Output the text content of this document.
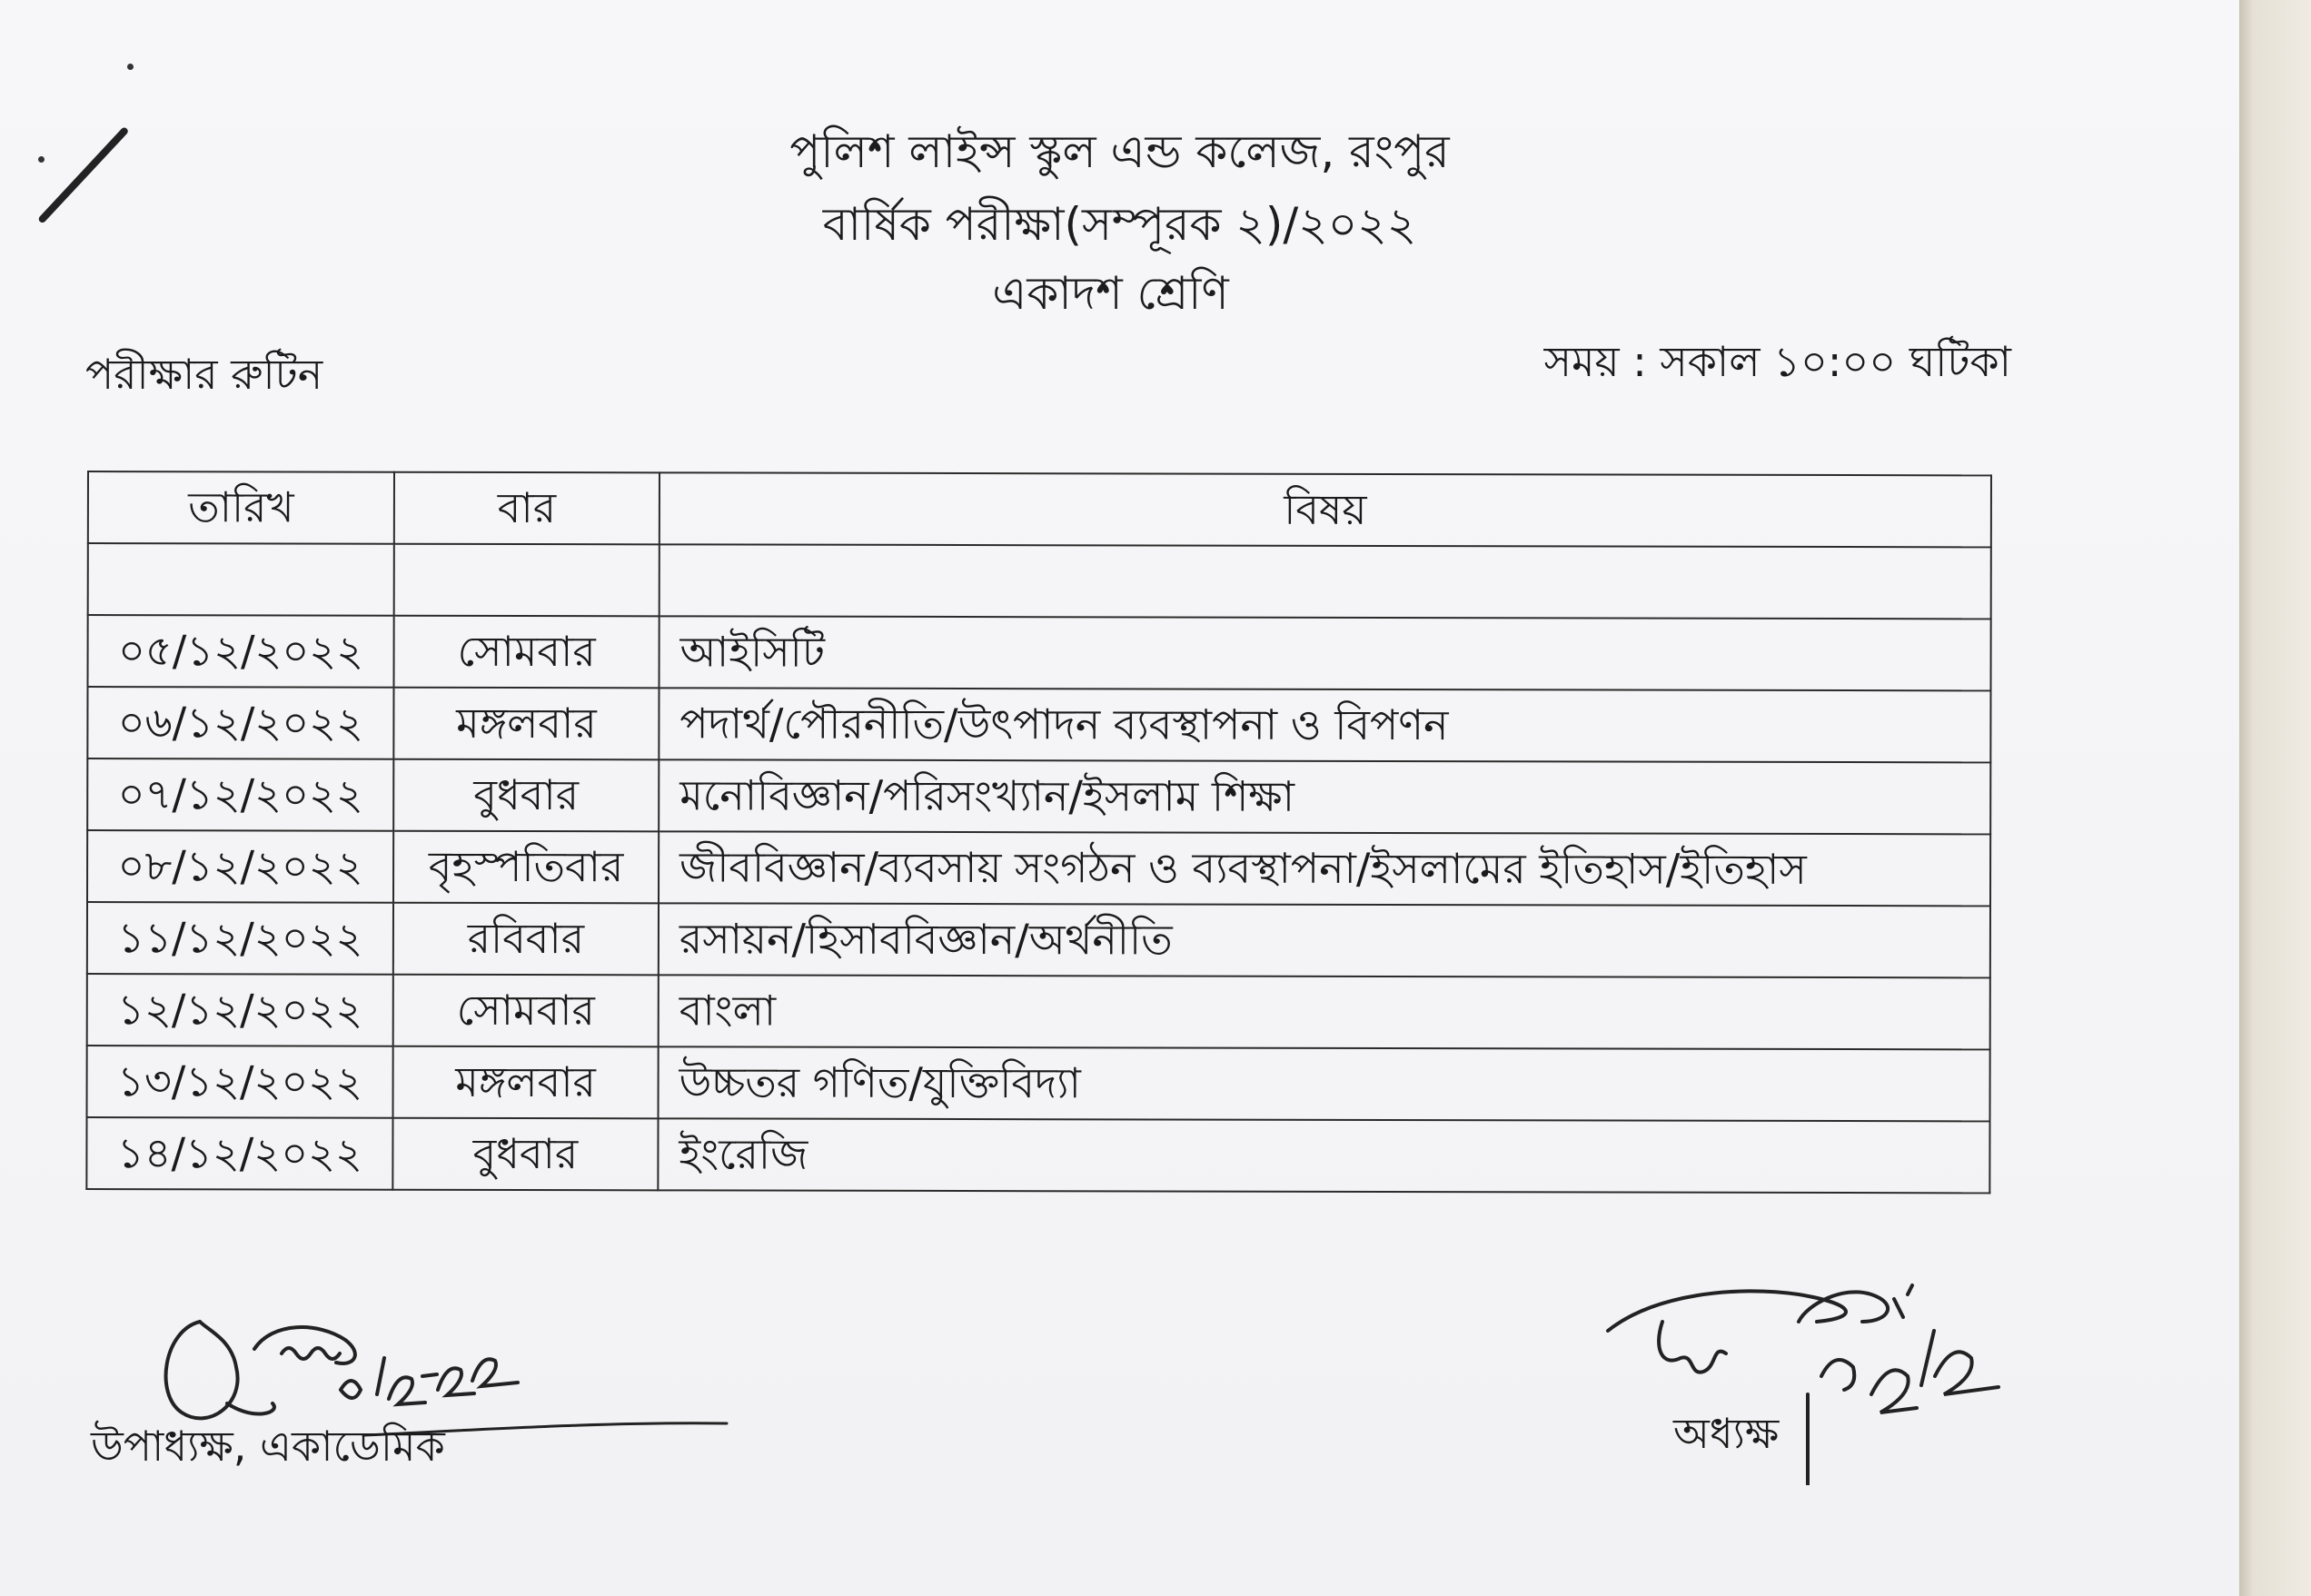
পুলিশ লাইন্স স্কুল এন্ড কলেজ, রংপুর
বার্ষিক পরীক্ষা(সম্পূরক ২)/২০২২
একাদশ শ্রেণি
পরীক্ষার রুটিন	সময় : সকাল ১০:০০ ঘটিকা
তারিখ	বার	বিষয়

০৫/১২/২০২২	সোমবার	আইসিটি
০৬/১২/২০২২	মঙ্গলবার	পদার্থ/পৌরনীতি/উৎপাদন ব্যবস্থাপনা ও বিপণন
০৭/১২/২০২২	বুধবার	মনোবিজ্ঞান/পরিসংখ্যান/ইসলাম শিক্ষা
০৮/১২/২০২২	বৃহস্পতিবার	জীববিজ্ঞান/ব্যবসায় সংগঠন ও ব্যবস্থাপনা/ইসলামের ইতিহাস/ইতিহাস
১১/১২/২০২২	রবিবার	রসায়ন/হিসাববিজ্ঞান/অর্থনীতি
১২/১২/২০২২	সোমবার	বাংলা
১৩/১২/২০২২	মঙ্গলবার	উচ্চতর গণিত/যুক্তিবিদ্যা
১৪/১২/২০২২	বুধবার	ইংরেজি
উপাধ্যক্ষ, একাডেমিক	অধ্যক্ষ
